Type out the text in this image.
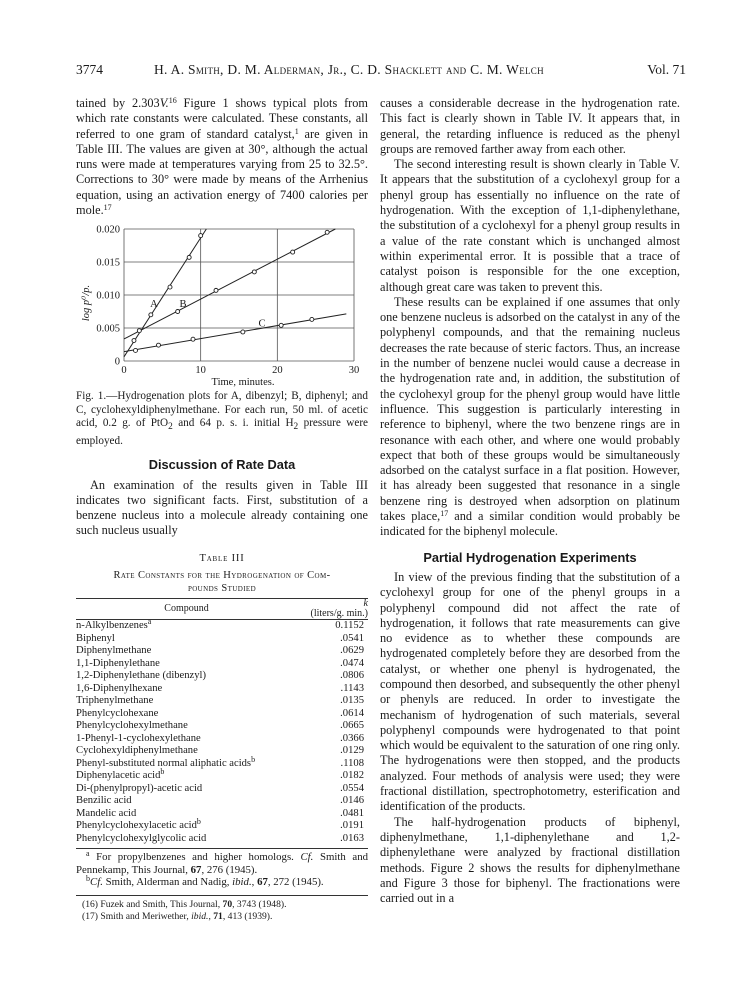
3774	H. A. Smith, D. M. Alderman, Jr., C. D. Shacklett and C. M. Welch	Vol. 71

tained by 2.303V.$^{16}$ Figure 1 shows typical plots from which rate constants were calculated. These constants, all referred to one gram of standard catalyst,$^1$ are given in Table III. The values are given at 30°, although the actual runs were made at temperatures varying from 25 to 32.5°. Corrections to 30° were made by means of the Arrhenius equation, using an activation energy of 7400 calories per mole.$^{17}$

0	10	20	30
0
0.005
0.010
0.015
0.020
Time, minutes.
log p⁰/p.	A B
C
Fig. 1.—Hydrogenation plots for A, dibenzyl; B, diphenyl; and C, cyclohexyldiphenylmethane. For each run, 50 ml. of acetic acid, 0.2 g. of PtO$_2$ and 64 p. s. i. initial $H_2$ pressure were employed.
Discussion of Rate Data

An examination of the results given in Table III indicates two significant facts. First, substitution of a benzene nucleus into a molecule already containing one such nucleus usually

Table III
Rate Constants for the Hydrogenation of Com-
pounds Studied
Compound	k
(liters/g. min.)
n-Alkylbenzenes$^a$	0.1152
Biphenyl	.0541
Diphenylmethane	.0629
1,1-Diphenylethane	.0474
1,2-Diphenylethane (dibenzyl)	.0806
1,6-Diphenylhexane	.1143
Triphenylmethane	.0135
Phenylcyclohexane	.0614
Phenylcyclohexylmethane	.0665
1-Phenyl-1-cyclohexylethane	.0366
Cyclohexyldiphenylmethane	.0129
Phenyl-substituted normal aliphatic acids$^b$	.1108
Diphenylacetic acid$^b$	.0182
Di-(phenylpropyl)-acetic acid	.0554
Benzilic acid	.0146
Mandelic acid	.0481
Phenylcyclohexylacetic acid$^b$	.0191
Phenylcyclohexylglycolic acid	.0163
$^a$ For propylbenzenes and higher homologs. Cf. Smith and Pennekamp, This Journal, 67, 276 (1945).
$^b$Cf. Smith, Alderman and Nadig, ibid., 67, 272 (1945).
(16) Fuzek and Smith, This Journal, 70, 3743 (1948).
(17) Smith and Meriwether, ibid., 71, 413 (1939).

causes a considerable decrease in the hydrogenation rate. This fact is clearly shown in Table IV. It appears that, in general, the retarding influence is reduced as the phenyl groups are removed farther away from each other.

The second interesting result is shown clearly in Table V. It appears that the substitution of a cyclohexyl group for a phenyl group has essentially no influence on the rate of hydrogenation. With the exception of 1,1-diphenylethane, the substitution of a cyclohexyl for a phenyl group results in a value of the rate constant which is unchanged almost within experimental error. It is possible that a trace of catalyst poison is responsible for the one exception, although great care was taken to prevent this.

These results can be explained if one assumes that only one benzene nucleus is adsorbed on the catalyst in any of the polyphenyl compounds, and that the remaining nucleus decreases the rate because of steric factors. Thus, an increase in the number of benzene nuclei would cause a decrease in the hydrogenation rate and, in addition, the substitution of the cyclohexyl group for the phenyl group would have little influence. This suggestion is particularly interesting in reference to biphenyl, where the two benzene rings are in resonance with each other, and where one would probably expect that both of these groups would be simultaneously adsorbed on the catalyst surface in a flat position. However, it has already been suggested that resonance in a single benzene ring is destroyed when adsorption on platinum takes place,$^{17}$ and a similar condition would probably be indicated for the biphenyl molecule.

Partial Hydrogenation Experiments

In view of the previous finding that the substitution of a cyclohexyl group for one of the phenyl groups in a polyphenyl compound did not affect the rate of hydrogenation, it follows that rate measurements can give no evidence as to whether these compounds are hydrogenated completely before they are desorbed from the catalyst, or whether one phenyl is hydrogenated, the compound then desorbed, and subsequently the other phenyl or phenyls are reduced. In order to investigate the mechanism of hydrogenation of such materials, several polyphenyl compounds were hydrogenated to that point which would be equivalent to the saturation of one ring only. The hydrogenations were then stopped, and the products analyzed. Four methods of analysis were used; they were fractional distillation, spectrophotometry, esterification and identification of the products.

The half-hydrogenation products of biphenyl, diphenylmethane, 1,1-diphenylethane and 1,2-diphenylethane were analyzed by fractional distillation methods. Figure 2 shows the results for diphenylmethane and Figure 3 those for biphenyl. The fractionations were carried out in a
